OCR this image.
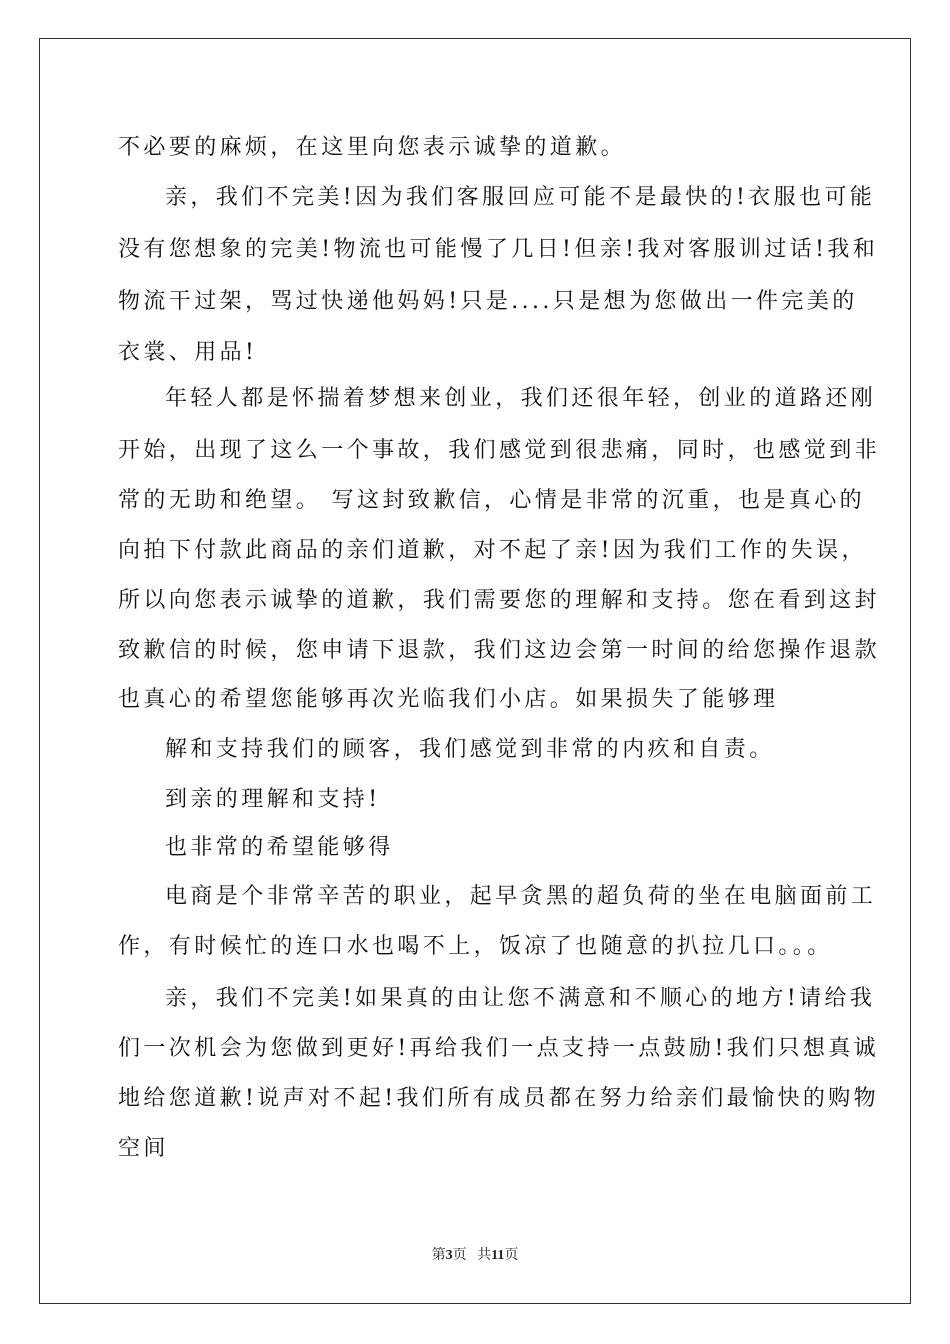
不必要的麻烦，在这里向您表示诚挚的道歉。
亲，我们不完美!因为我们客服回应可能不是最快的!衣服也可能
没有您想象的完美!物流也可能慢了几日!但亲!我对客服训过话!我和
物流干过架，骂过快递他妈妈!只是....只是想为您做出一件完美的
衣裳、用品!
年轻人都是怀揣着梦想来创业，我们还很年轻，创业的道路还刚
开始，出现了这么一个事故，我们感觉到很悲痛，同时，也感觉到非
常的无助和绝望。 写这封致歉信，心情是非常的沉重，也是真心的
向拍下付款此商品的亲们道歉，对不起了亲!因为我们工作的失误，
所以向您表示诚挚的道歉，我们需要您的理解和支持。您在看到这封
致歉信的时候，您申请下退款，我们这边会第一时间的给您操作退款
也真心的希望您能够再次光临我们小店。如果损失了能够理
解和支持我们的顾客，我们感觉到非常的内疚和自责。
到亲的理解和支持!
也非常的希望能够得
电商是个非常辛苦的职业，起早贪黑的超负荷的坐在电脑面前工
作，有时候忙的连口水也喝不上，饭凉了也随意的扒拉几口。。。
亲，我们不完美!如果真的由让您不满意和不顺心的地方!请给我
们一次机会为您做到更好!再给我们一点支持一点鼓励!我们只想真诚
地给您道歉!说声对不起!我们所有成员都在努力给亲们最愉快的购物
空间
第3页 共11页
